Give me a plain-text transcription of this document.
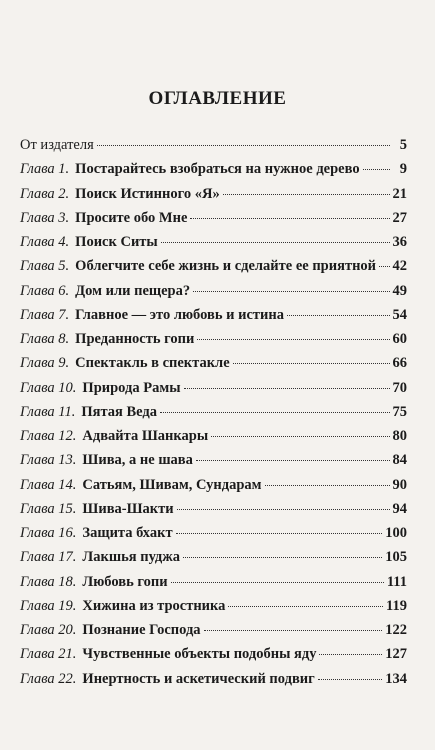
ОГЛАВЛЕНИЕ
От издателя	5
Глава 1. Постарайтесь взобраться на нужное дерево	9
Глава 2. Поиск Истинного «Я»	21
Глава 3. Просите обо Мне	27
Глава 4. Поиск Ситы	36
Глава 5. Облегчите себе жизнь и сделайте ее приятной 42
Глава 6. Дом или пещера?	49
Глава 7. Главное — это любовь и истина	54
Глава 8. Преданность гопи	60
Глава 9. Спектакль в спектакле	66
Глава 10. Природа Рамы	70
Глава 11. Пятая Веда	75
Глава 12. Адвайта Шанкары	80
Глава 13. Шива, а не шава	84
Глава 14. Сатьям, Шивам, Сундарам	90
Глава 15. Шива-Шакти	94
Глава 16. Защита бхакт	100
Глава 17. Лакшья пуджа	105
Глава 18. Любовь гопи	111
Глава 19. Хижина из тростника	119
Глава 20. Познание Господа	122
Глава 21. Чувственные объекты подобны яду	127
Глава 22. Инертность и аскетический подвиг	134
